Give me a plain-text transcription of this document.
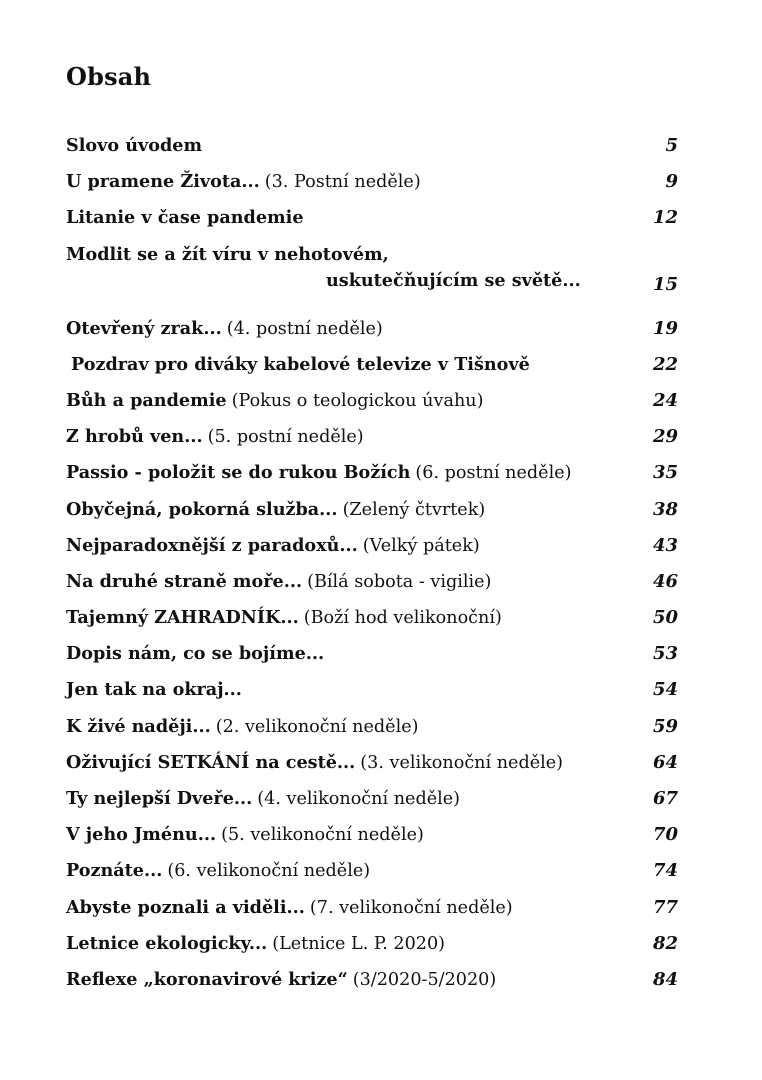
Obsah
Slovo úvodem	5
U pramene Života... (3. Postní neděle)	9
Litanie v čase pandemie	12
Modlit se a žít víru v nehotovém,
uskutečňujícím se světě...	15
Otevřený zrak... (4. postní neděle)	19
Pozdrav pro diváky kabelové televize v Tišnově	22
Bůh a pandemie (Pokus o teologickou úvahu)	24
Z hrobů ven... (5. postní neděle)	29
Passio - položit se do rukou Božích (6. postní neděle)	35
Obyčejná, pokorná služba... (Zelený čtvrtek)	38
Nejparadoxnější z paradoxů... (Velký pátek)	43
Na druhé straně moře... (Bílá sobota - vigilie)	46
Tajemný ZAHRADNÍK... (Boží hod velikonoční)	50
Dopis nám, co se bojíme...	53
Jen tak na okraj...	54
K živé naději... (2. velikonoční neděle)	59
Oživující SETKÁNÍ na cestě... (3. velikonoční neděle)	64
Ty nejlepší Dveře... (4. velikonoční neděle)	67
V jeho Jménu... (5. velikonoční neděle)	70
Poznáte... (6. velikonoční neděle)	74
Abyste poznali a viděli... (7. velikonoční neděle)	77
Letnice ekologicky... (Letnice L. P. 2020)	82
Reflexe „koronavirové krize“ (3/2020-5/2020)	84
